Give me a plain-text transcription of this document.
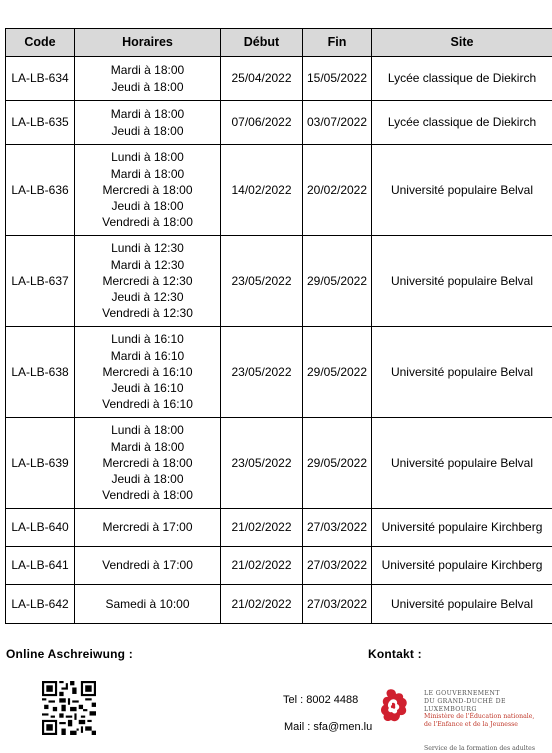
Code	Horaires	Début	Fin	Site
LA-LB-634	Mardi à 18:00
Jeudi à 18:00	25/04/2022	15/05/2022	Lycée classique de Diekirch
LA-LB-635	Mardi à 18:00
Jeudi à 18:00	07/06/2022	03/07/2022	Lycée classique de Diekirch
LA-LB-636	Lundi à 18:00
Mardi à 18:00
Mercredi à 18:00
Jeudi à 18:00
Vendredi à 18:00	14/02/2022	20/02/2022	Université populaire Belval
LA-LB-637	Lundi à 12:30
Mardi à 12:30
Mercredi à 12:30
Jeudi à 12:30
Vendredi à 12:30	23/05/2022	29/05/2022	Université populaire Belval
LA-LB-638	Lundi à 16:10
Mardi à 16:10
Mercredi à 16:10
Jeudi à 16:10
Vendredi à 16:10	23/05/2022	29/05/2022	Université populaire Belval
LA-LB-639	Lundi à 18:00
Mardi à 18:00
Mercredi à 18:00
Jeudi à 18:00
Vendredi à 18:00	23/05/2022	29/05/2022	Université populaire Belval
LA-LB-640	Mercredi à 17:00	21/02/2022	27/03/2022	Université populaire Kirchberg
LA-LB-641	Vendredi à 17:00	21/02/2022	27/03/2022	Université populaire Kirchberg
LA-LB-642	Samedi à 10:00	21/02/2022	27/03/2022	Université populaire Belval
Online Aschreiwung :	Kontakt :
Tel : 8002 4488
Mail : sfa@men.lu
LE GOUVERNEMENT
DU GRAND-DUCHÉ DE LUXEMBOURG
Ministère de l'Éducation nationale,
de l'Enfance et de la Jeunesse
Service de la formation des adultes
